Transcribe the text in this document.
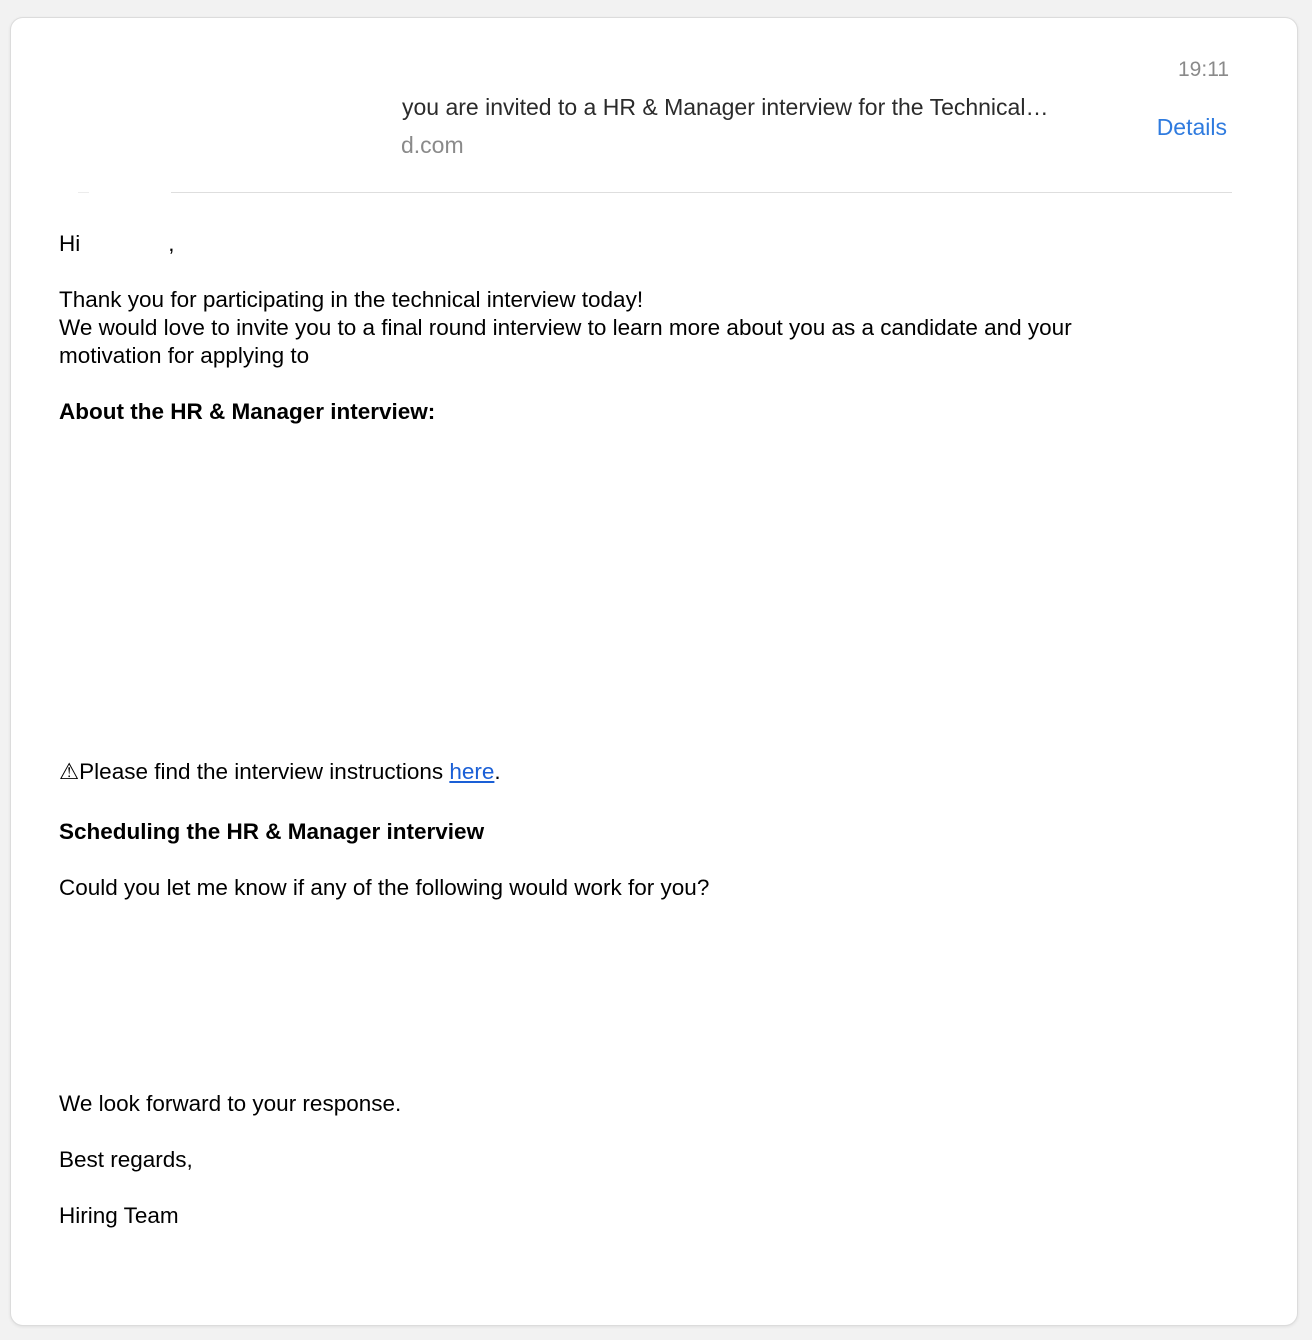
19:11
you are invited to a HR & Manager interview for the Technical…
d.com
Details
Hi	,
Thank you for participating in the technical interview today!
We would love to invite you to a final round interview to learn more about you as a candidate and your
motivation for applying to
About the HR & Manager interview:
⚠Please find the interview instructions here.
Scheduling the HR & Manager interview
Could you let me know if any of the following would work for you?
We look forward to your response.
Best regards,
Hiring Team
